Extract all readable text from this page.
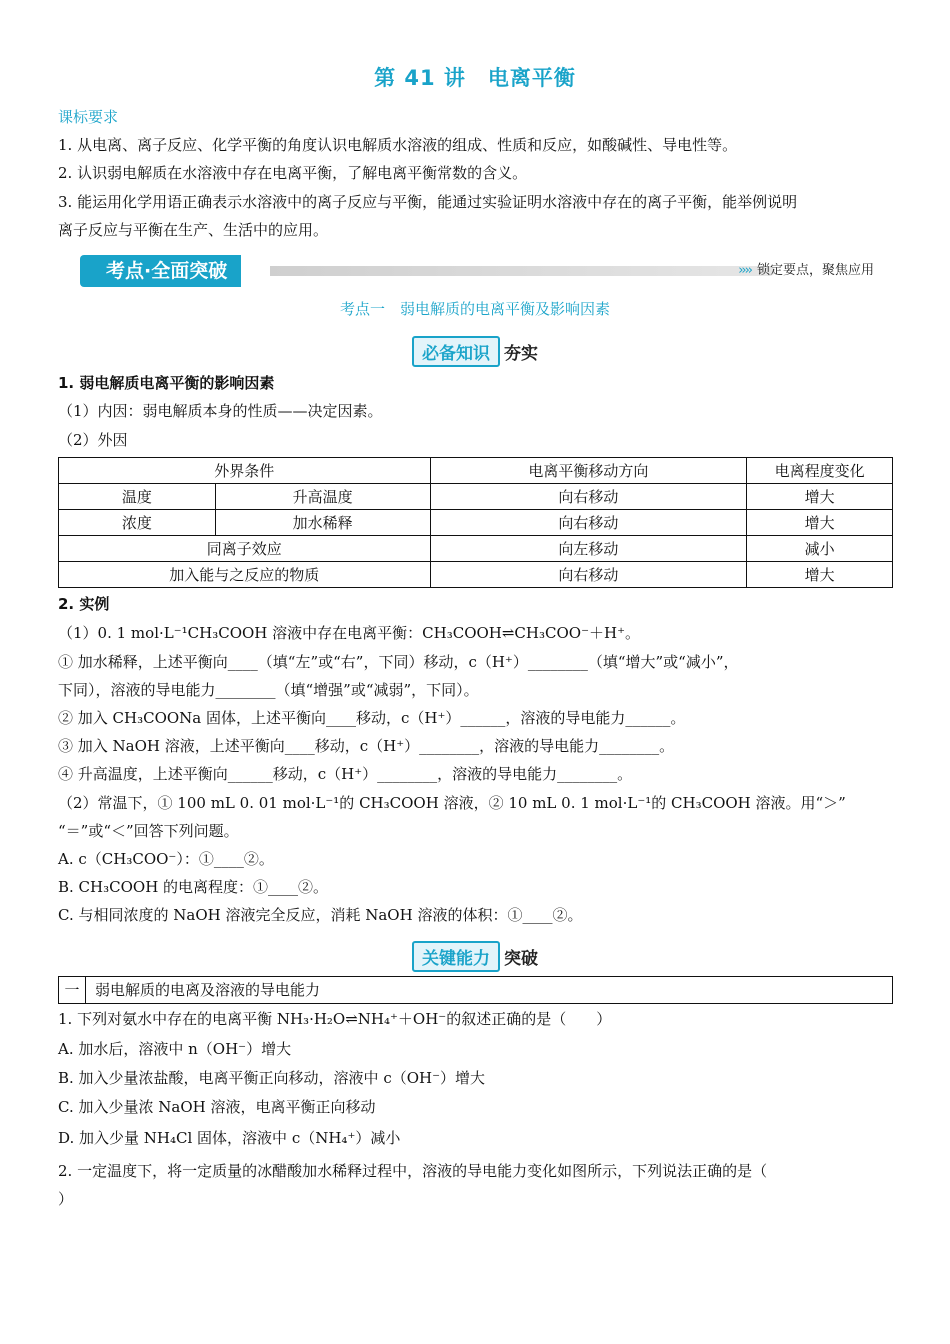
第 41 讲　电离平衡
课标要求
1. 从电离、离子反应、化学平衡的角度认识电解质水溶液的组成、性质和反应，如酸碱性、导电性等。
2. 认识弱电解质在水溶液中存在电离平衡，了解电离平衡常数的含义。
3. 能运用化学用语正确表示水溶液中的离子反应与平衡，能通过实验证明水溶液中存在的离子平衡，能举例说明
离子反应与平衡在生产、生活中的应用。
考点·全面突破	›››› 锁定要点，聚焦应用
考点一　弱电解质的电离平衡及影响因素
必备知识 夯实
1. 弱电解质电离平衡的影响因素
（1）内因：弱电解质本身的性质——决定因素。
（2）外因
外界条件		电离平衡移动方向	电离程度变化
温度	升高温度	向右移动	增大
浓度	加水稀释	向右移动	增大
同离子效应		向左移动	减小
加入能与之反应的物质		向右移动	增大
2. 实例
（1）0. 1 mol·L⁻¹CH₃COOH 溶液中存在电离平衡：CH₃COOH⇌CH₃COO⁻＋H⁺。
① 加水稀释，上述平衡向____（填“左”或“右”，下同）移动，c（H⁺）________（填“增大”或“减小”，
下同），溶液的导电能力________（填“增强”或“减弱”，下同）。
② 加入 CH₃COONa 固体，上述平衡向____移动，c（H⁺）______，溶液的导电能力______。
③ 加入 NaOH 溶液，上述平衡向____移动，c（H⁺）________，溶液的导电能力________。
④ 升高温度，上述平衡向______移动，c（H⁺）________，溶液的导电能力________。
（2）常温下，① 100 mL 0. 01 mol·L⁻¹的 CH₃COOH 溶液，② 10 mL 0. 1 mol·L⁻¹的 CH₃COOH 溶液。用“＞”
“＝”或“＜”回答下列问题。
A. c（CH₃COO⁻）：①____②。
B. CH₃COOH 的电离程度：①____②。
C. 与相同浓度的 NaOH 溶液完全反应，消耗 NaOH 溶液的体积：①____②。
关键能力 突破
一	弱电解质的电离及溶液的导电能力
1. 下列对氨水中存在的电离平衡 NH₃·H₂O⇌NH₄⁺＋OH⁻的叙述正确的是（　　）
A. 加水后，溶液中 n（OH⁻）增大
B. 加入少量浓盐酸，电离平衡正向移动，溶液中 c（OH⁻）增大
C. 加入少量浓 NaOH 溶液，电离平衡正向移动
D. 加入少量 NH₄Cl 固体，溶液中 c（NH₄⁺）减小
2. 一定温度下，将一定质量的冰醋酸加水稀释过程中，溶液的导电能力变化如图所示，下列说法正确的是（
）
